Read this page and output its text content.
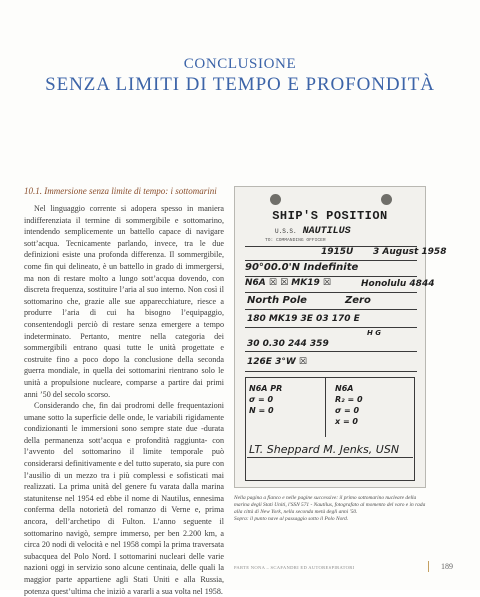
CONCLUSIONE
SENZA LIMITI DI TEMPO E PROFONDITÀ
10.1. Immersione senza limite di tempo: i sottomarini

Nel linguaggio corrente si adopera spesso in maniera indifferenziata il termine di sommergibile e sottomarino, intendendo semplicemente un battello capace di navigare sott’acqua. Tecnicamente parlando, invece, tra le due definizioni esiste una profonda differenza. Il sommergibile, come fin qui delineato, è un battello in grado di immergersi, ma non di restare molto a lungo sott’acqua dovendo, con discreta frequenza, sostituire l’aria al suo interno. Non così il sottomarino che, grazie alle sue apparecchiature, riesce a produrre l’aria di cui ha bisogno l’equipaggio, consentendogli perciò di restare senza emergere a tempo indeterminato. Pertanto, mentre nella categoria dei sommergibili entrano quasi tutte le unità progettate e costruite fino a poco dopo la conclusione della seconda guerra mondiale, in quella dei sottomarini rientrano solo le unità a propulsione nucleare, comparse a partire dai primi anni ’50 del secolo scorso.

Considerando che, fin dai prodromi delle frequentazioni umane sotto la superficie delle onde, le variabili rigidamente condizionanti le immersioni sono sempre state due -durata della permanenza sott’acqua e profondità raggiunta- con l’avvento del sottomarino il limite temporale può considerarsi definitivamente e del tutto superato, sia pure con l’ausilio di un mezzo tra i più complessi e sofisticati mai realizzati. La prima unità del genere fu varata dalla marina statunitense nel 1954 ed ebbe il nome di Nautilus, ennesima conferma della notorietà del romanzo di Verne e, prima ancora, dell’archetipo di Fulton. L’anno seguente il sottomarino navigò, sempre immerso, per ben 2.200 km, a circa 20 nodi di velocità e nel 1958 compì la prima traversata subacquea del Polo Nord. I sottomarini nucleari delle varie nazioni oggi in servizio sono alcune centinaia, delle quali la maggior parte appartiene agli Stati Uniti e alla Russia, potenza quest’ultima che iniziò a vararli a sua volta nel 1958.

SHIP'S POSITION
U.S.S. NAUTILUS
TO: COMMANDING OFFICER
1915U 3 August 1958
90°00.0'N Indefinite
N6A ☒ ☒ MK19 ☒	Honolulu 4844
North Pole	Zero
180 MK19 3E 03 170 E
H G
30 0.30 244 359
126E 3°W ☒
N6A PR
σ = 0
N = 0
N6A
R₂ = 0
σ = 0
x = 0
LT. Sheppard M. Jenks, USN

Nella pagina a fianco e nelle pagine successive: il primo sottomarino nucleare della marina degli Stati Uniti, l'SSN 571 - Nautilus, fotografato al momento del varo e in rada alla città di New York, nella seconda metà degli anni '50.

Sopra: il punto nave al passaggio sotto il Polo Nord.

PARTE NONA – SCAFANDRI ED AUTORESPIRATORI	189
